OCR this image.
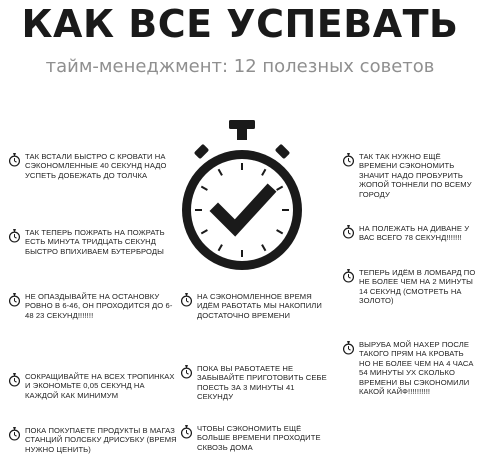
КАК ВСЕ УСПЕВАТЬ
тайм-менеджмент: 12 полезных советов
ТАК ВСТАЛИ БЫСТРО С КРОВАТИ НА СЭКОНОМЛЕННЫЕ 40 СЕКУНД НАДО УСПЕТЬ ДОБЕЖАТЬ ДО ТОЛЧКА
ТАК ТЕПЕРЬ ПОЖРАТЬ НА ПОЖРАТЬ ЕСТЬ МИНУТА ТРИДЦАТЬ СЕКУНД БЫСТРО ВПИХИВАЕМ БУТЕРБРОДЫ
НЕ ОПАЗДЫВАЙТЕ НА ОСТАНОВКУ РОВНО В 6-46, ОН ПРОХОДИТСЯ ДО 6-48 23 СЕКУНД!!!!!!!
СОКРАЩИВАЙТЕ НА ВСЕХ ТРОПИНКАХ И ЭКОНОМЬТЕ 0,05 СЕКУНД НА КАЖДОЙ КАК МИНИМУМ
ПОКА ПОКУПАЕТЕ ПРОДУКТЫ В МАГАЗ СТАНЦИЙ ПОЛСБКУ ДРИСУБКУ (ВРЕМЯ НУЖНО ЦЕНИТЬ)
НА СЭКОНОМЛЕННОЕ ВРЕМЯ ИДЁМ РАБОТАТЬ МЫ НАКОПИЛИ ДОСТАТОЧНО ВРЕМЕНИ
ПОКА ВЫ РАБОТАЕТЕ НЕ ЗАБЫВАЙТЕ ПРИГОТОВИТЬ СЕБЕ ПОЕСТЬ ЗА 3 МИНУТЫ 41 СЕКУНДУ
ЧТОБЫ СЭКОНОМИТЬ ЕЩЁ БОЛЬШЕ ВРЕМЕНИ ПРОХОДИТЕ СКВОЗЬ ДОМА
ТАК ТАК НУЖНО ЕЩЁ ВРЕМЕНИ СЭКОНОМИТЬ ЗНАЧИТ НАДО ПРОБУРИТЬ ЖОПОЙ ТОННЕЛИ ПО ВСЕМУ ГОРОДУ
НА ПОЛЕЖАТЬ НА ДИВАНЕ У ВАС ВСЕГО 78 СЕКУНД!!!!!!!
ТЕПЕРЬ ИДЁМ В ЛОМБАРД ПО НЕ БОЛЕЕ ЧЕМ НА 2 МИНУТЫ 14 СЕКУНД (СМОТРЕТЬ НА ЗОЛОТО)
ВЫРУБА МОЙ НАХЕР ПОСЛЕ ТАКОГО ПРЯМ НА КРОВАТЬ НО НЕ БОЛЕЕ ЧЕМ НА 4 ЧАСА 54 МИНУТЫ УХ СКОЛЬКО ВРЕМЕНИ ВЫ СЭКОНОМИЛИ КАКОЙ КАЙФ!!!!!!!!!!
